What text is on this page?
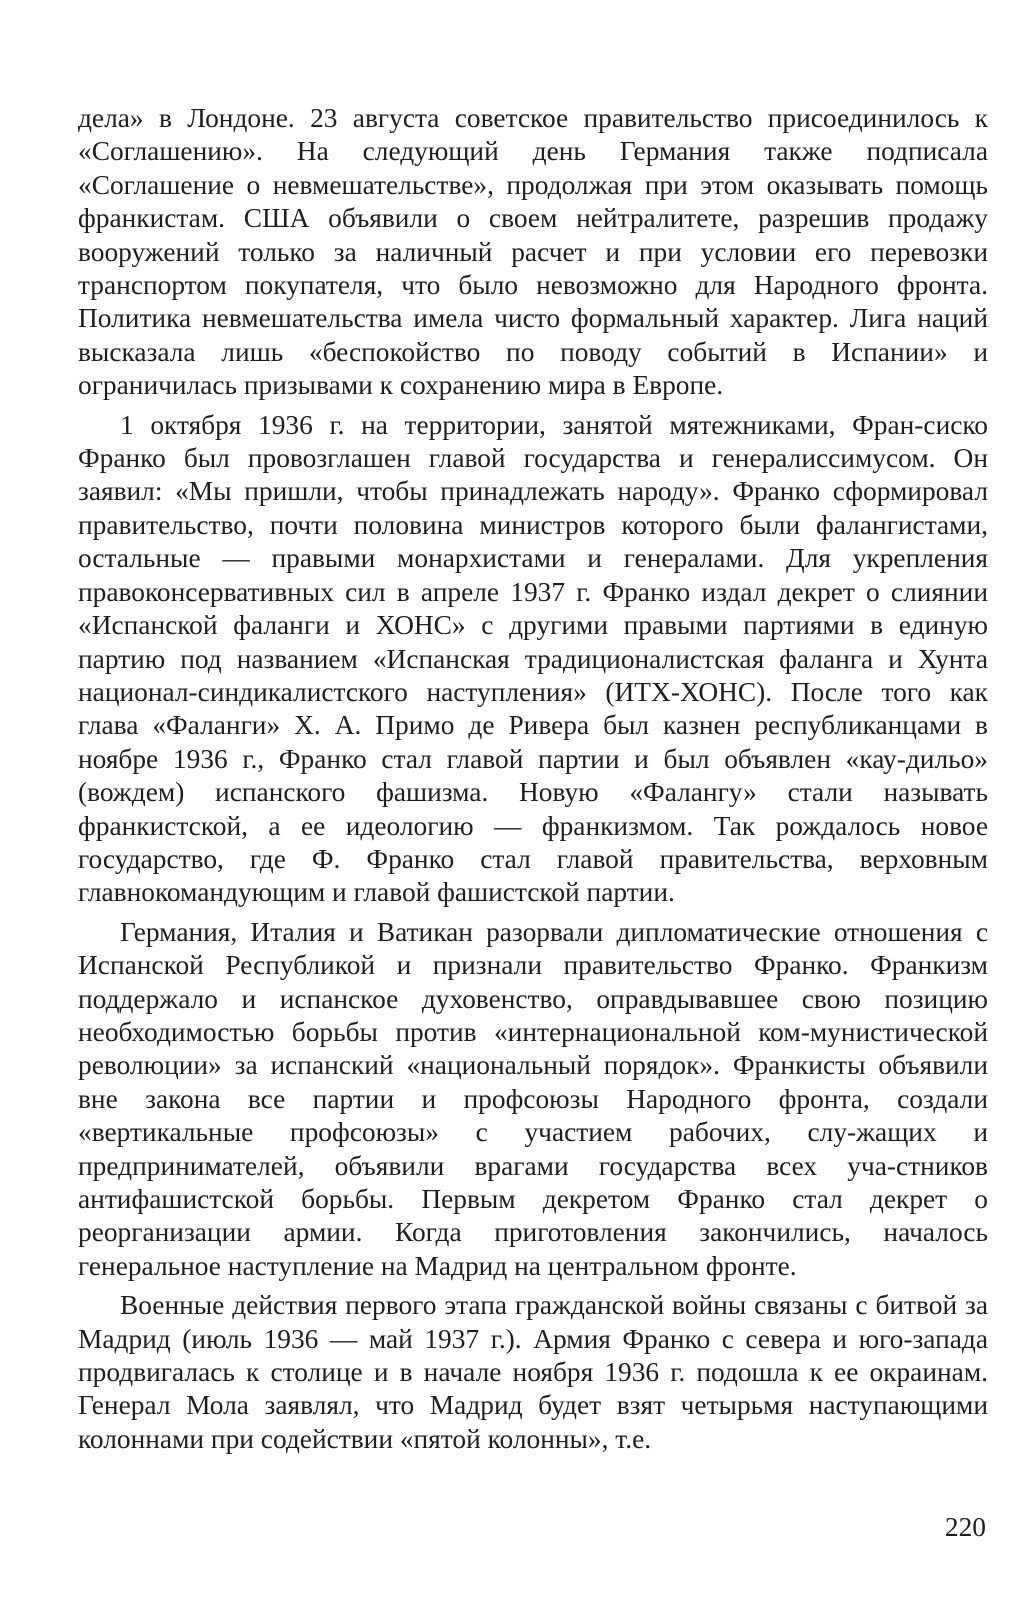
дела» в Лондоне. 23 августа советское правительство присоединилось к «Соглашению». На следующий день Германия также подписала «Соглашение о невмешательстве», продолжая при этом оказывать помощь франкистам. США объявили о своем нейтралитете, разрешив продажу вооружений только за наличный расчет и при условии его перевозки транспортом покупателя, что было невозможно для Народного фронта. Политика невмешательства имела чисто формальный характер. Лига наций высказала лишь «беспокойство по поводу событий в Испании» и ограничилась призывами к сохранению мира в Европе.

1 октября 1936 г. на территории, занятой мятежниками, Фран-сиско Франко был провозглашен главой государства и генералиссимусом. Он заявил: «Мы пришли, чтобы принадлежать народу». Франко сформировал правительство, почти половина министров которого были фалангистами, остальные — правыми монархистами и генералами. Для укрепления правоконсервативных сил в апреле 1937 г. Франко издал декрет о слиянии «Испанской фаланги и ХОНС» с другими правыми партиями в единую партию под названием «Испанская традиционалистская фаланга и Хунта национал-синдикалистского наступления» (ИТХ-ХОНС). После того как глава «Фаланги» X. А. Примо де Ривера был казнен республиканцами в ноябре 1936 г., Франко стал главой партии и был объявлен «кау-дильо» (вождем) испанского фашизма. Новую «Фалангу» стали называть франкистской, а ее идеологию — франкизмом. Так рождалось новое государство, где Ф. Франко стал главой правительства, верховным главнокомандующим и главой фашистской партии.

Германия, Италия и Ватикан разорвали дипломатические отношения с Испанской Республикой и признали правительство Франко. Франкизм поддержало и испанское духовенство, оправдывавшее свою позицию необходимостью борьбы против «интернациональной ком-мунистической революции» за испанский «национальный порядок». Франкисты объявили вне закона все партии и профсоюзы Народного фронта, создали «вертикальные профсоюзы» с участием рабочих, слу-жащих и предпринимателей, объявили врагами государства всех уча-стников антифашистской борьбы. Первым декретом Франко стал декрет о реорганизации армии. Когда приготовления закончились, началось генеральное наступление на Мадрид на центральном фронте.

Военные действия первого этапа гражданской войны связаны с битвой за Мадрид (июль 1936 — май 1937 г.). Армия Франко с севера и юго-запада продвигалась к столице и в начале ноября 1936 г. подошла к ее окраинам. Генерал Мола заявлял, что Мадрид будет взят четырьмя наступающими колоннами при содействии «пятой колонны», т.е.

220
